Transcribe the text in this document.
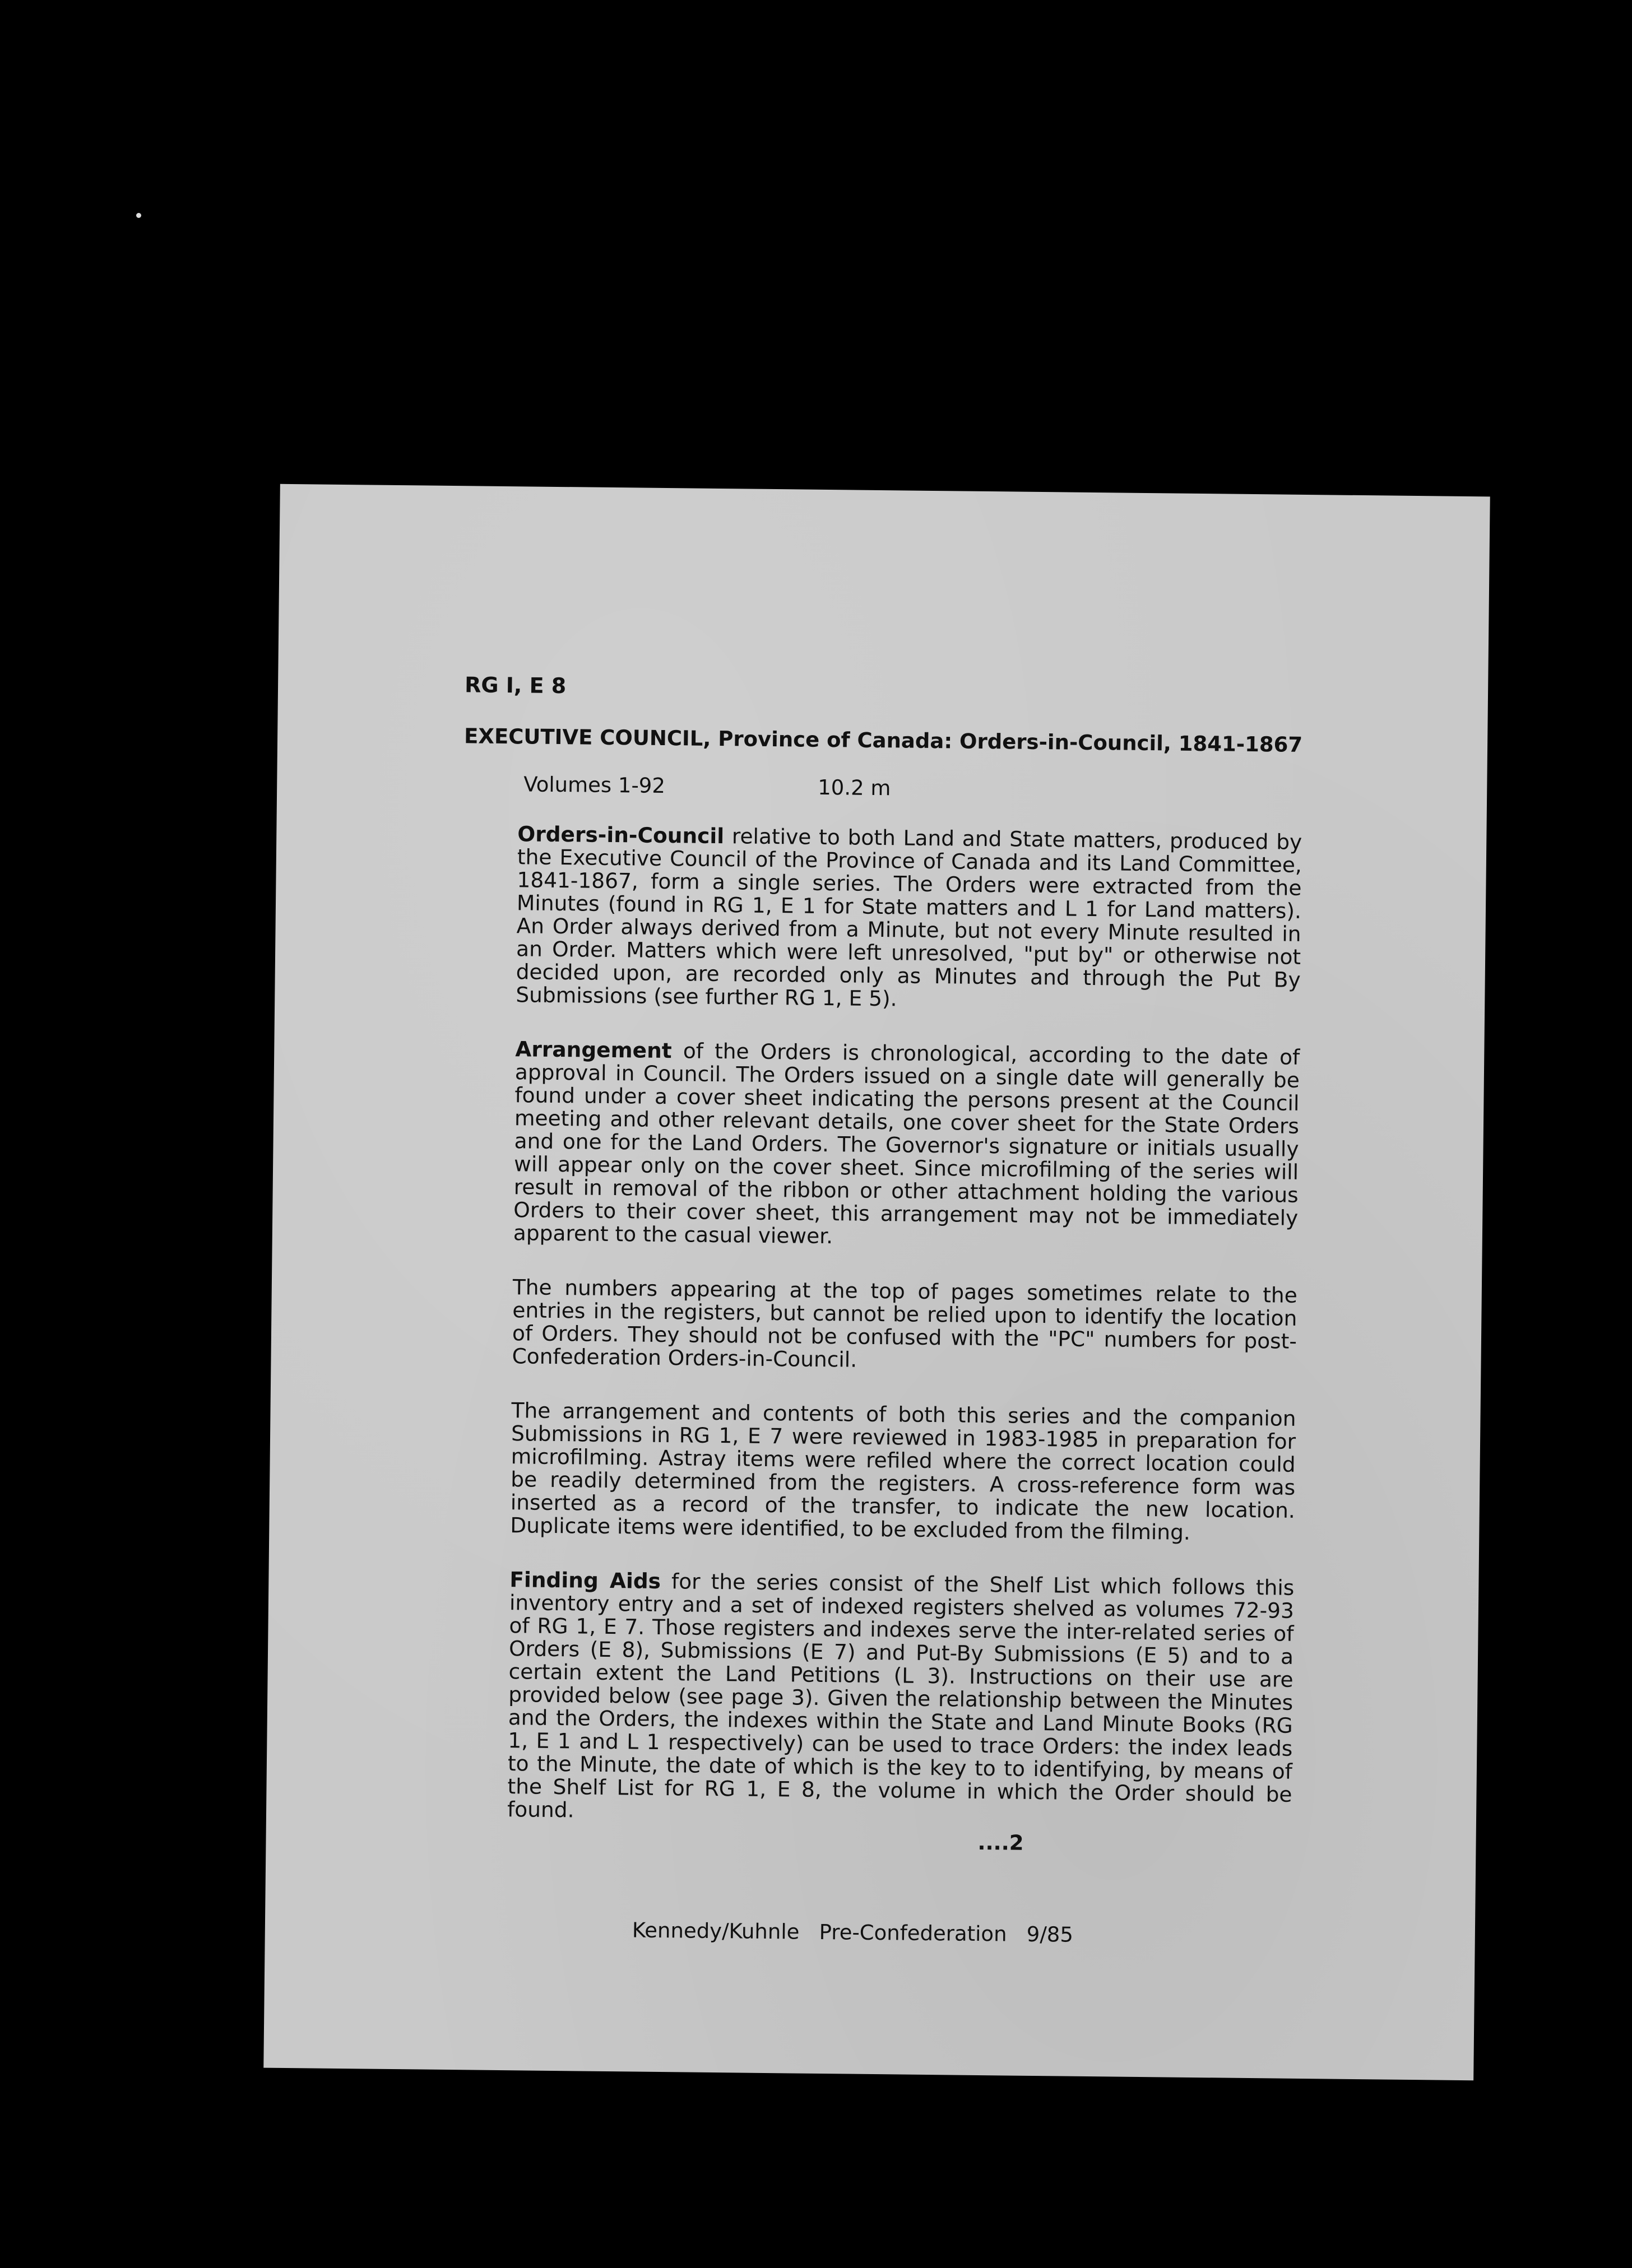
RG I, E 8
EXECUTIVE COUNCIL, Province of Canada: Orders-in-Council, 1841-1867
Volumes 1-92	10.2 m

Orders-in-Council relative to both Land and State matters, produced by the Executive Council of the Province of Canada and its Land Committee, 1841-1867, form a single series. The Orders were extracted from the Minutes (found in RG 1, E 1 for State matters and L 1 for Land matters). An Order always derived from a Minute, but not every Minute resulted in an Order. Matters which were left unresolved, "put by" or otherwise not decided upon, are recorded only as Minutes and through the Put By Submissions (see further RG 1, E 5).

Arrangement of the Orders is chronological, according to the date of approval in Council. The Orders issued on a single date will generally be found under a cover sheet indicating the persons present at the Council meeting and other relevant details, one cover sheet for the State Orders and one for the Land Orders. The Governor's signature or initials usually will appear only on the cover sheet. Since microfilming of the series will result in removal of the ribbon or other attachment holding the various Orders to their cover sheet, this arrangement may not be immediately apparent to the casual viewer.

The numbers appearing at the top of pages sometimes relate to the entries in the registers, but cannot be relied upon to identify the location of Orders. They should not be confused with the "PC" numbers for post-Confederation Orders-in-Council.

The arrangement and contents of both this series and the companion Submissions in RG 1, E 7 were reviewed in 1983-1985 in preparation for microfilming. Astray items were refiled where the correct location could be readily determined from the registers. A cross-reference form was inserted as a record of the transfer, to indicate the new location. Duplicate items were identified, to be excluded from the filming.

Finding Aids for the series consist of the Shelf List which follows this inventory entry and a set of indexed registers shelved as volumes 72-93 of RG 1, E 7. Those registers and indexes serve the inter-related series of Orders (E 8), Submissions (E 7) and Put-By Submissions (E 5) and to a certain extent the Land Petitions (L 3). Instructions on their use are provided below (see page 3). Given the relationship between the Minutes and the Orders, the indexes within the State and Land Minute Books (RG 1, E 1 and L 1 respectively) can be used to trace Orders: the index leads to the Minute, the date of which is the key to to identifying, by means of the Shelf List for RG 1, E 8, the volume in which the Order should be found.

....2
Kennedy/Kuhnle   Pre-Confederation   9/85
